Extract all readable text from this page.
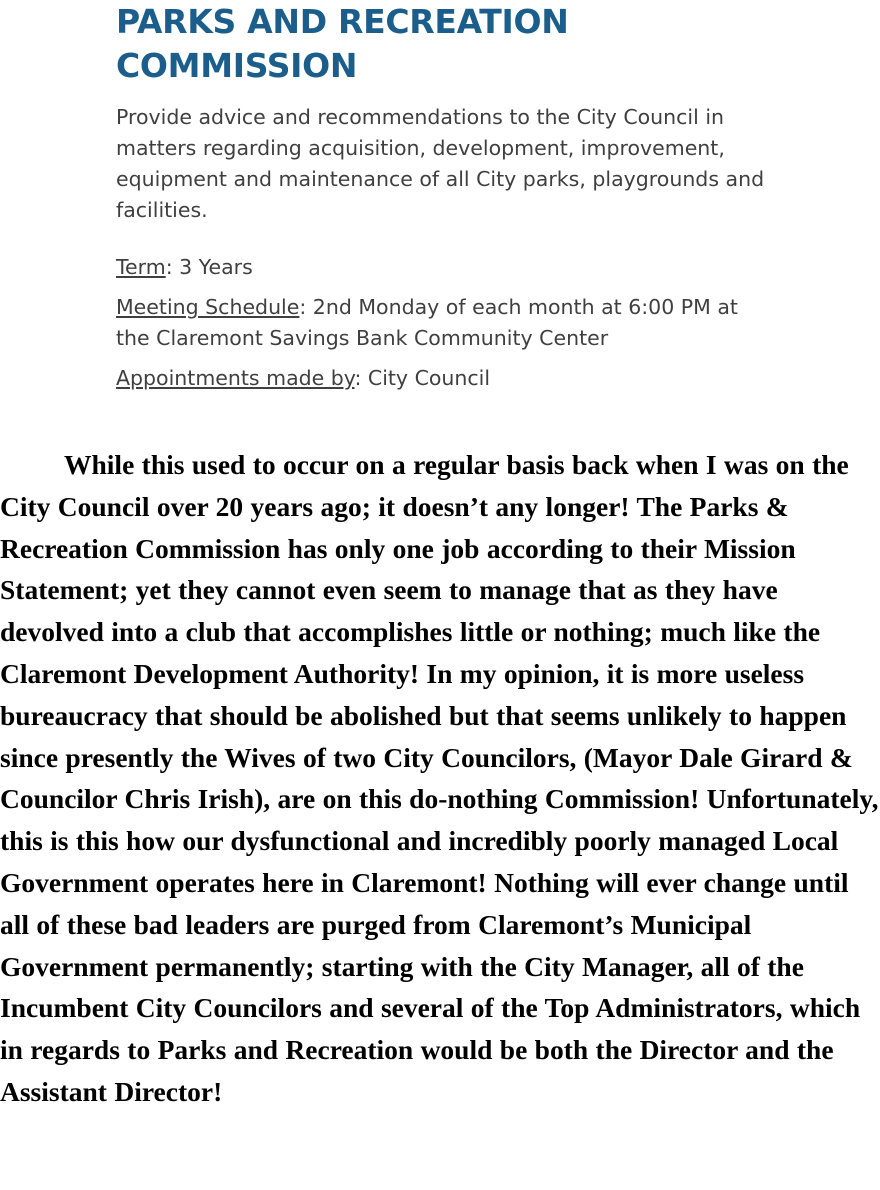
PARKS AND RECREATION
COMMISSION
Provide advice and recommendations to the City Council in matters regarding acquisition, development, improvement, equipment and maintenance of all City parks, playgrounds and facilities.
Term: 3 Years
Meeting Schedule: 2nd Monday of each month at 6:00 PM at the Claremont Savings Bank Community Center
Appointments made by: City Council

While this used to occur on a regular basis back when I was on the City Council over 20 years ago; it doesn’t any longer! The Parks & Recreation Commission has only one job according to their Mission Statement; yet they cannot even seem to manage that as they have devolved into a club that accomplishes little or nothing; much like the Claremont Development Authority! In my opinion, it is more useless bureaucracy that should be abolished but that seems unlikely to happen since presently the Wives of two City Councilors, (Mayor Dale Girard & Councilor Chris Irish), are on this do-nothing Commission! Unfortunately, this is this how our dysfunctional and incredibly poorly managed Local Government operates here in Claremont! Nothing will ever change until all of these bad leaders are purged from Claremont’s Municipal Government permanently; starting with the City Manager, all of the Incumbent City Councilors and several of the Top Administrators, which in regards to Parks and Recreation would be both the Director and the Assistant Director!
